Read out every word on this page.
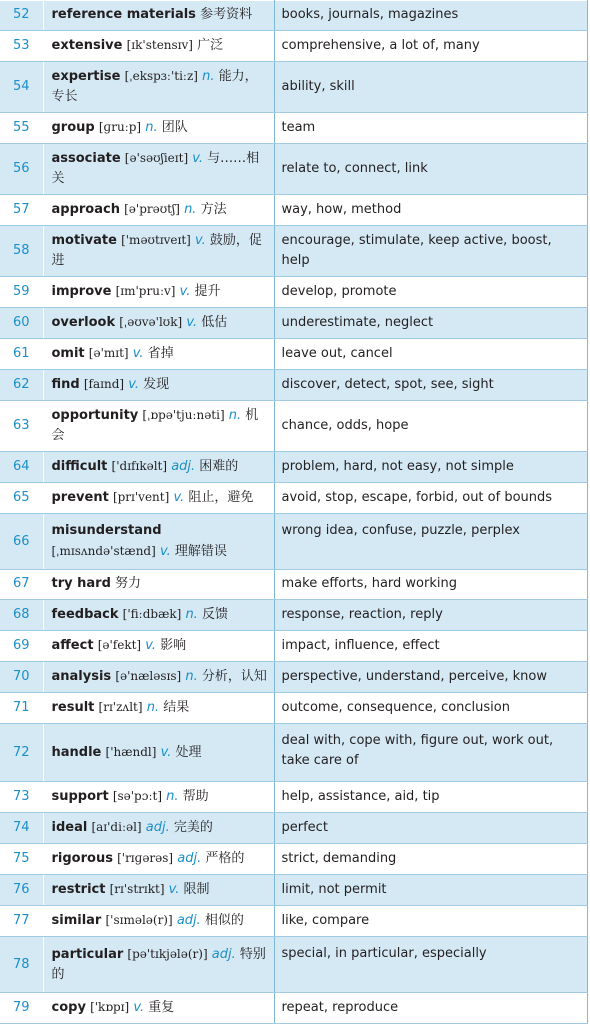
52	reference materials 参考资料	books, journals, magazines
53	extensive [ɪk'stensɪv] 广泛	comprehensive, a lot of, many
54	expertise [ˌekspɜː'tiːz] n. 能力，专长	ability, skill
55	group [ɡruːp] n. 团队	team
56	associate [ə'səʊʃieɪt] v. 与……相关	relate to, connect, link
57	approach [ə'prəʊtʃ] n. 方法	way, how, method
58	motivate ['məʊtɪveɪt] v. 鼓励，促进	encourage, stimulate, keep active, boost, help
59	improve [ɪm'pruːv] v. 提升	develop, promote
60	overlook [ˌəʊvə'lʊk] v. 低估	underestimate, neglect
61	omit [ə'mɪt] v. 省掉	leave out, cancel
62	find [faɪnd] v. 发现	discover, detect, spot, see, sight
63	opportunity [ˌɒpə'tjuːnəti] n. 机会	chance, odds, hope
64	difficult ['dɪfɪkəlt] adj. 困难的	problem, hard, not easy, not simple
65	prevent [prɪ'vent] v. 阻止，避免	avoid, stop, escape, forbid, out of bounds
66	misunderstand [ˌmɪsʌndə'stænd] v. 理解错误	wrong idea, confuse, puzzle, perplex
67	try hard 努力	make efforts, hard working
68	feedback ['fiːdbæk] n. 反馈	response, reaction, reply
69	affect [ə'fekt] v. 影响	impact, influence, effect
70	analysis [ə'næləsɪs] n. 分析，认知	perspective, understand, perceive, know
71	result [rɪ'zʌlt] n. 结果	outcome, consequence, conclusion
72	handle ['hændl] v. 处理	deal with, cope with, figure out, work out, take care of
73	support [sə'pɔːt] n. 帮助	help, assistance, aid, tip
74	ideal [aɪ'diːəl] adj. 完美的	perfect
75	rigorous ['rɪɡərəs] adj. 严格的	strict, demanding
76	restrict [rɪ'strɪkt] v. 限制	limit, not permit
77	similar ['sɪmələ(r)] adj. 相似的	like, compare
78	particular [pə'tɪkjələ(r)] adj. 特别的	special, in particular, especially
79	copy ['kɒpɪ] v. 重复	repeat, reproduce
